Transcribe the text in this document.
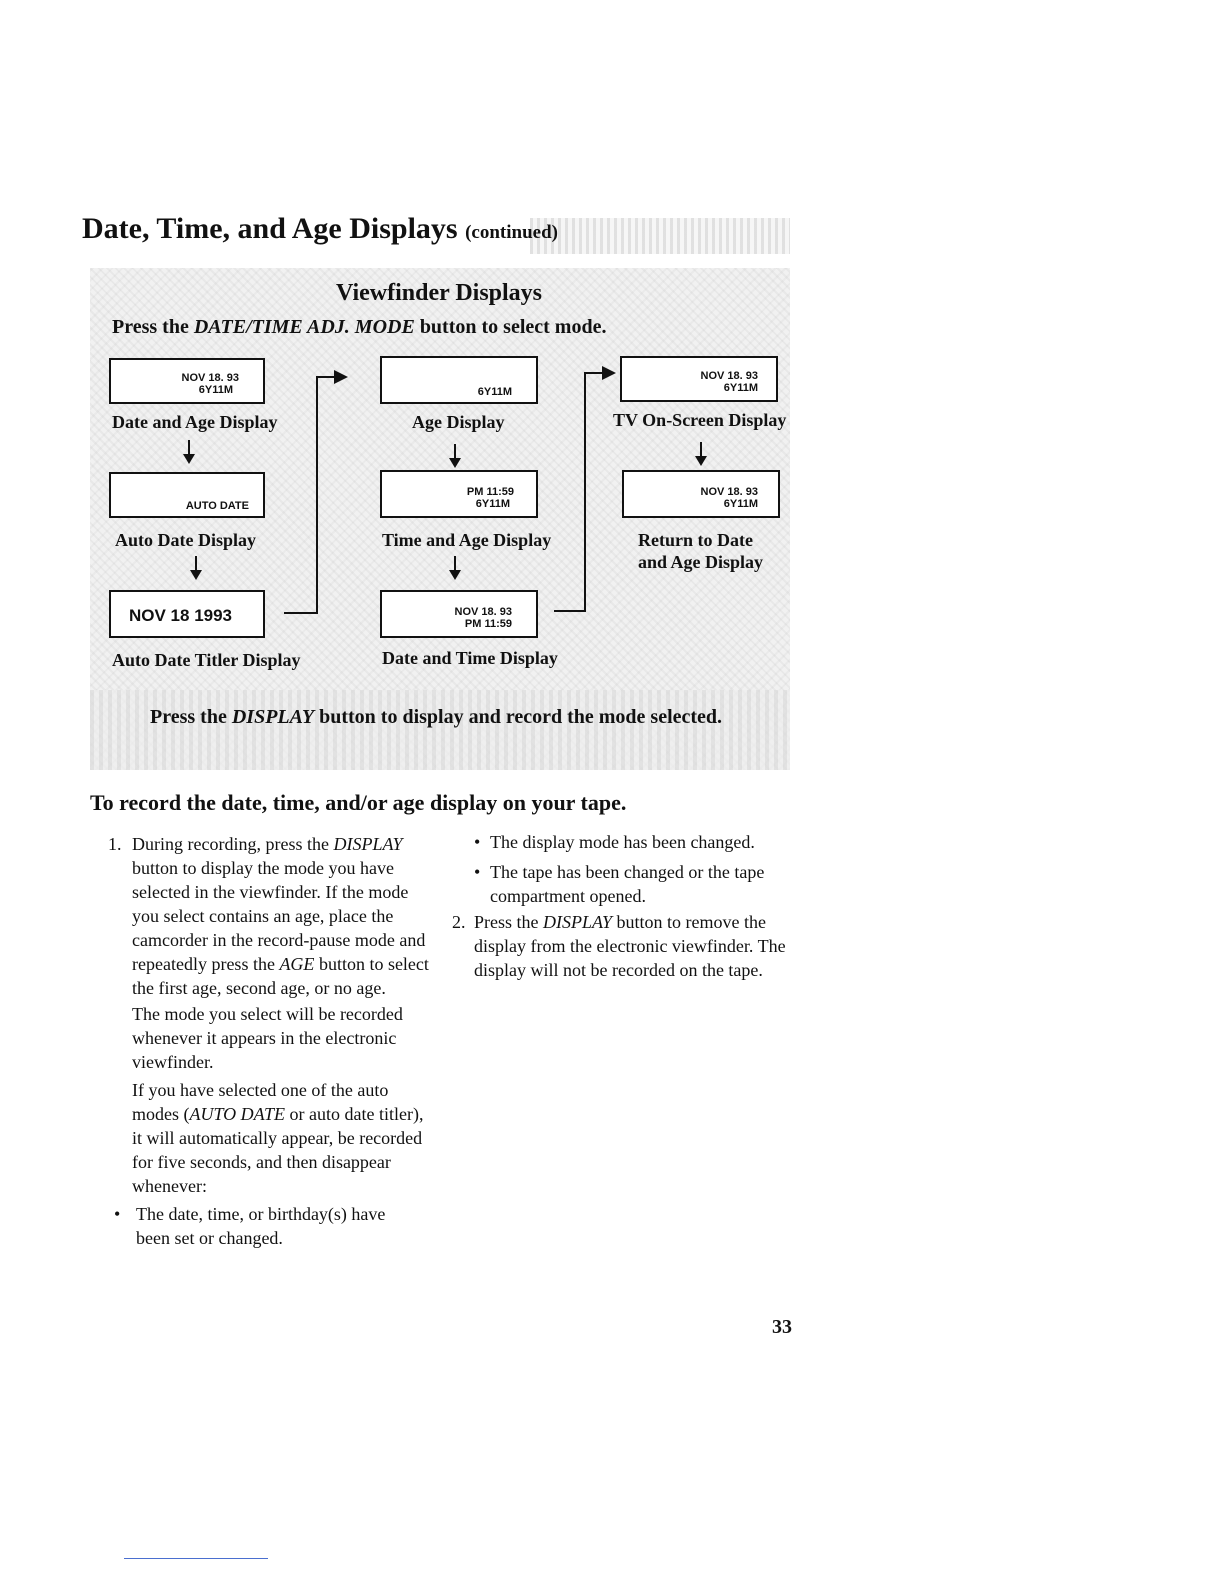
Date, Time, and Age Displays (continued)
Viewfinder Displays
Press the DATE/TIME ADJ. MODE button to select mode.
NOV 18. 93
6Y11M
Date and Age Display
AUTO DATE
Auto Date Display
NOV 18 1993
Auto Date Titler Display
6Y11M
Age Display
PM 11:59
6Y11M
Time and Age Display
NOV 18. 93
PM 11:59
Date and Time Display
NOV 18. 93
6Y11M
TV On-Screen Display
NOV 18. 93
6Y11M
Return to Date
and Age Display
Press the DISPLAY button to display and record the mode selected.
To record the date, time, and/or age display on your tape.
1. During recording, press the DISPLAY button to display the mode you have selected in the viewfinder. If the mode you select contains an age, place the camcorder in the record-pause mode and repeatedly press the AGE button to select the first age, second age, or no age.
The mode you select will be recorded whenever it appears in the electronic viewfinder.
If you have selected one of the auto modes (AUTO DATE or auto date titler), it will automatically appear, be recorded for five seconds, and then disappear whenever:
• The date, time, or birthday(s) have been set or changed.
• The display mode has been changed.
• The tape has been changed or the tape compartment opened.
2. Press the DISPLAY button to remove the display from the electronic viewfinder. The display will not be recorded on the tape.
33
